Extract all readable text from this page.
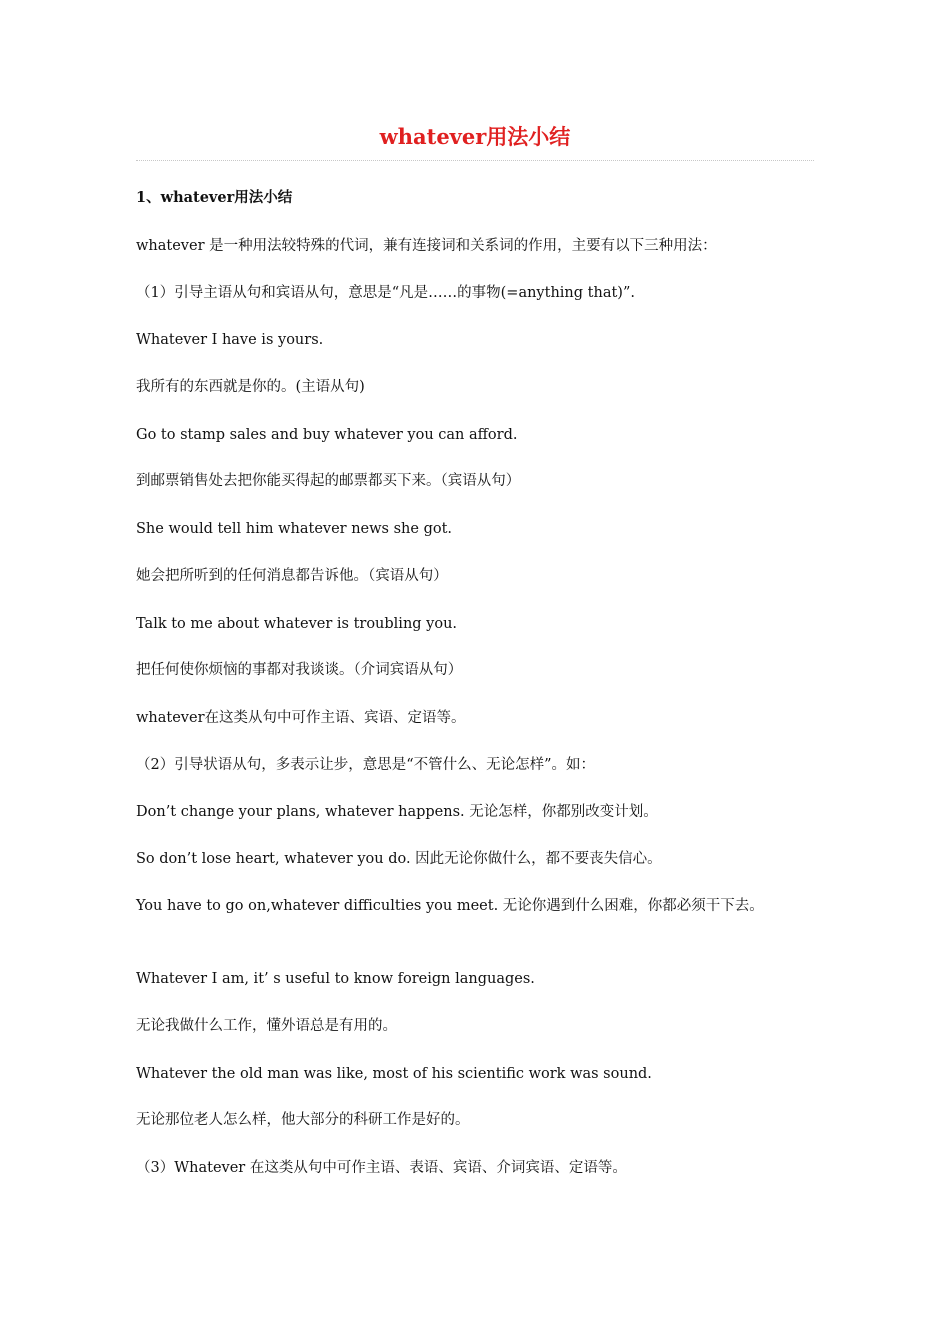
whatever用法小结
1、whatever用法小结
whatever 是一种用法较特殊的代词，兼有连接词和关系词的作用，主要有以下三种用法：
（1）引导主语从句和宾语从句，意思是“凡是……的事物(=anything that)”.
Whatever I have is yours.
我所有的东西就是你的。(主语从句)
Go to stamp sales and buy whatever you can afford.
到邮票销售处去把你能买得起的邮票都买下来。（宾语从句）
She would tell him whatever news she got.
她会把所听到的任何消息都告诉他。（宾语从句）
Talk to me about whatever is troubling you.
把任何使你烦恼的事都对我谈谈。（介词宾语从句）
whatever在这类从句中可作主语、宾语、定语等。
（2）引导状语从句，多表示让步，意思是“不管什么、无论怎样”。如：
Don’t change your plans, whatever happens. 无论怎样，你都别改变计划。
So don’t lose heart, whatever you do. 因此无论你做什么，都不要丧失信心。
You have to go on,whatever difficulties you meet. 无论你遇到什么困难，你都必须干下去。
Whatever I am, it’ s useful to know foreign languages.
无论我做什么工作，懂外语总是有用的。
Whatever the old man was like, most of his scientific work was sound.
无论那位老人怎么样，他大部分的科研工作是好的。
（3）Whatever 在这类从句中可作主语、表语、宾语、介词宾语、定语等。
